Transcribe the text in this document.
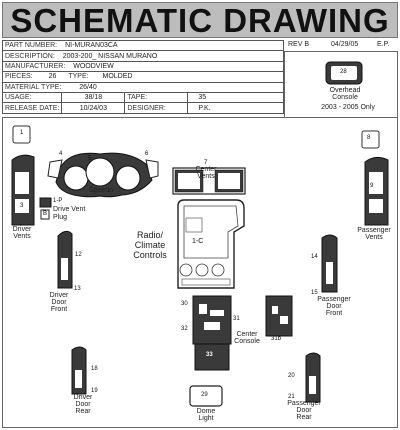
SCHEMATIC DRAWING
PART NUMBER: NI-MURAN03CA			
DESCRIPTION: 2003-200_ NISSAN MURANO			
MANUFACTURER: WOODVIEW			
PIECES: 26 TYPE: MOLDED			
MATERIAL TYPE: 26/40			
USAGE:	38/18	TAPE:	35
RELEASE DATE:	10/24/03	DESIGNER:	P.K.
REV B	04/29/05	E.P.
28
Overhead
Console
2003 - 2005 Only
1
2
3
Driver
Vents
4
5
6
Speedo
7
Center
Vents
8
9
Passenger
Vents
1-P
B
Drive Vent
Plug
Radio/
Climate
Controls
1-C
12
13
Driver
Door
Front
14
15
Passenger
Door
Front
30
31
32
33
Center
Console	31b
18
19
Driver
Door
Rear
29
Dome
Light
20
21
Passenger
Door
Rear
